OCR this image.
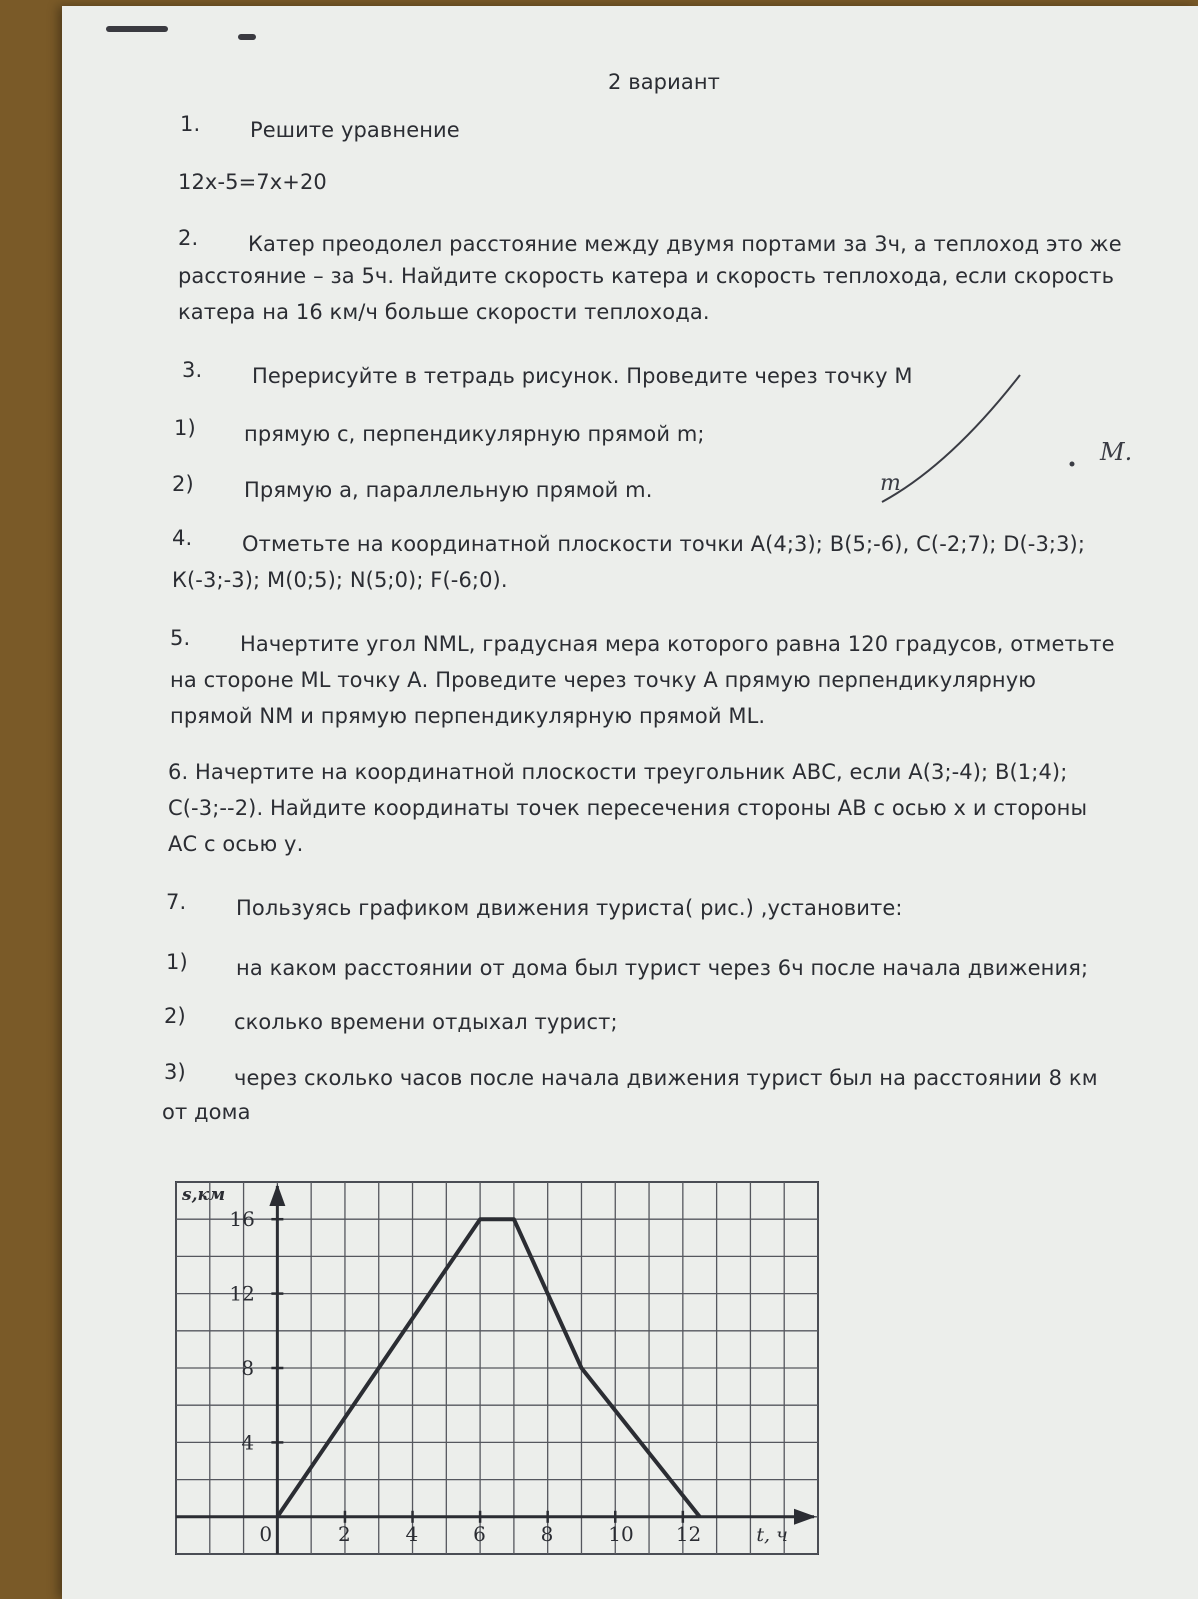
2 вариант
1. Решите уравнение
12x-5=7x+20
2. Катер преодолел расстояние между двумя портами за 3ч, а теплоход это же
расстояние – за 5ч. Найдите скорость катера и скорость теплохода, если скорость
катера на 16 км/ч больше скорости теплохода.
3. Перерисуйте в тетрадь рисунок. Проведите через точку М
1) прямую с, перпендикулярную прямой m;
2) Прямую а, параллельную прямой m.	m
M.
4. Отметьте на координатной плоскости точки А(4;3); В(5;-6), С(-2;7); D(-3;3);
К(-3;-3); М(0;5); N(5;0); F(-6;0).
5. Начертите угол NML, градусная мера которого равна 120 градусов, отметьте
на стороне ML точку А. Проведите через точку А прямую перпендикулярную
прямой NM и прямую перпендикулярную прямой ML.
6. Начертите на координатной плоскости треугольник АВС, если А(3;-4); В(1;4);
С(-3;--2). Найдите координаты точек пересечения стороны АВ с осью х и стороны
АС с осью у.
7. Пользуясь графиком движения туриста( рис.) ,установите:
1) на каком расстоянии от дома был турист через 6ч после начала движения;
2) сколько времени отдыхал турист;
3) через сколько часов после начала движения турист был на расстоянии 8 км
от дома
0	2	4	6	8	10 12
4
8
12
16
s,км
t, ч
